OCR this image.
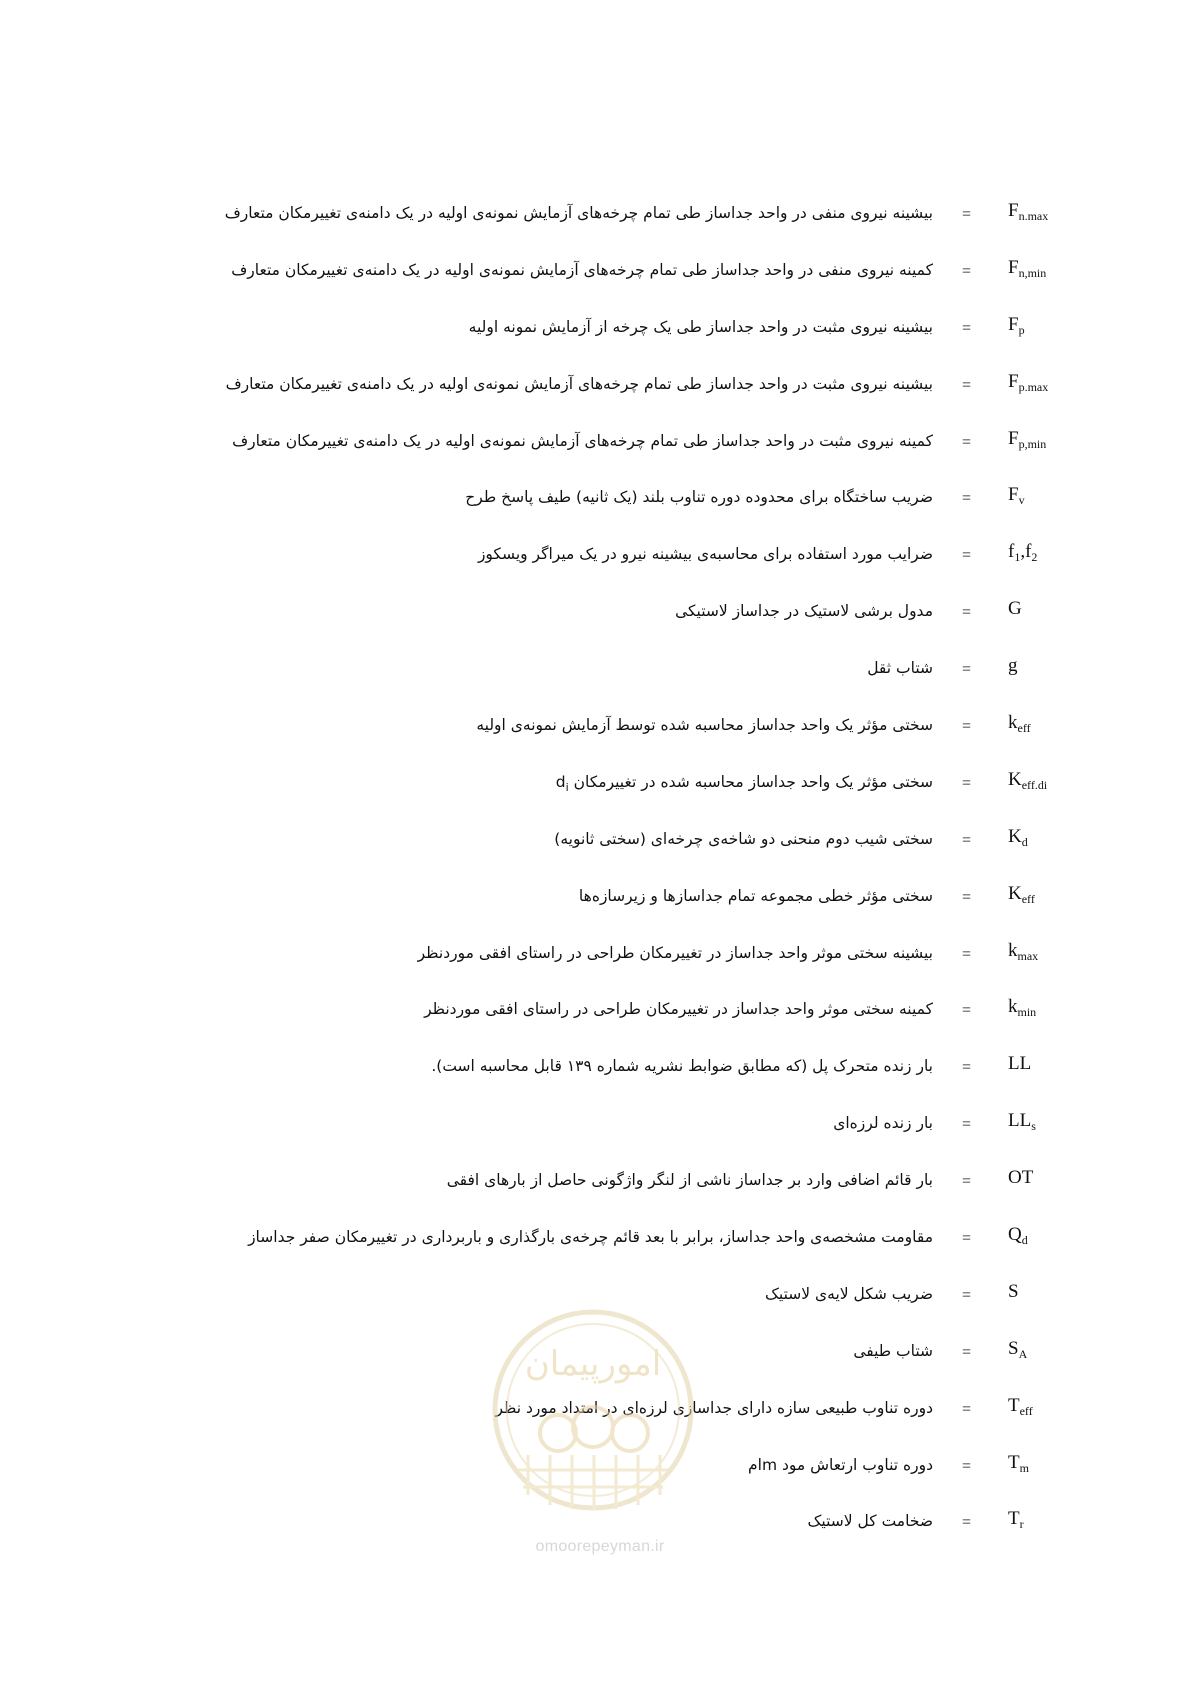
$F_{n.max}$
=
بیشینه نیروی منفی در واحد جداساز طی تمام چرخه‌های آزمایش نمونه‌ی اولیه در یک دامنه‌ی تغییرمکان متعارف
$F_{n,min}$
=
کمینه نیروی منفی در واحد جداساز طی تمام چرخه‌های آزمایش نمونه‌ی اولیه در یک دامنه‌ی تغییرمکان متعارف
$F_p$
=
بیشینه نیروی مثبت در واحد جداساز طی یک چرخه از آزمایش نمونه اولیه
$F_{p.max}$
=
بیشینه نیروی مثبت در واحد جداساز طی تمام چرخه‌های آزمایش نمونه‌ی اولیه در یک دامنه‌ی تغییرمکان متعارف
$F_{p,min}$
=
کمینه نیروی مثبت در واحد جداساز طی تمام چرخه‌های آزمایش نمونه‌ی اولیه در یک دامنه‌ی تغییرمکان متعارف
$F_v$
=
ضریب ساختگاه برای محدوده دوره تناوب بلند (یک ثانیه) طیف پاسخ طرح
$f_1,f_2$
=
ضرایب مورد استفاده برای محاسبه‌ی بیشینه نیرو در یک میراگر ویسکوز
G
=
مدول برشی لاستیک در جداساز لاستیکی
g
=
شتاب ثقل
$k_{eff}$
=
سختی مؤثر یک واحد جداساز محاسبه شده توسط آزمایش نمونه‌ی اولیه
$K_{eff.di}$
=
سختی مؤثر یک واحد جداساز محاسبه شده در تغییرمکان $d_i$
$K_d$
=
سختی شیب دوم منحنی دو شاخه‌ی چرخه‌ای (سختی ثانویه)
$K_{eff}$
=
سختی مؤثر خطی مجموعه تمام جداسازها و زیرسازه‌ها
$k_{max}$
=
بیشینه سختی موثر واحد جداساز در تغییرمکان طراحی در راستای افقی موردنظر
$k_{min}$
=
کمینه سختی موثر واحد جداساز در تغییرمکان طراحی در راستای افقی موردنظر
LL
=
بار زنده متحرک پل (که مطابق ضوابط نشریه شماره ۱۳۹ قابل محاسبه است).
$LL_s$
=
بار زنده لرزه‌ای
OT
=
بار قائم اضافی وارد بر جداساز ناشی از لنگر واژگونی حاصل از بارهای افقی
$Q_d$
=
مقاومت مشخصه‌ی واحد جداساز، برابر با بعد قائم چرخه‌ی بارگذاری و باربرداری در تغییرمکان صفر جداساز
S
=
ضریب شکل لایه‌ی لاستیک
$S_A$
=
شتاب طیفی
$T_{eff}$
=
دوره تناوب طبیعی سازه دارای جداسازی لرزه‌ای در امتداد مورد نظر
$T_m$
=
دوره تناوب ارتعاش مود mام
$T_r$
=
ضخامت کل لاستیک
امورپیمان
omoorepeyman.ir
